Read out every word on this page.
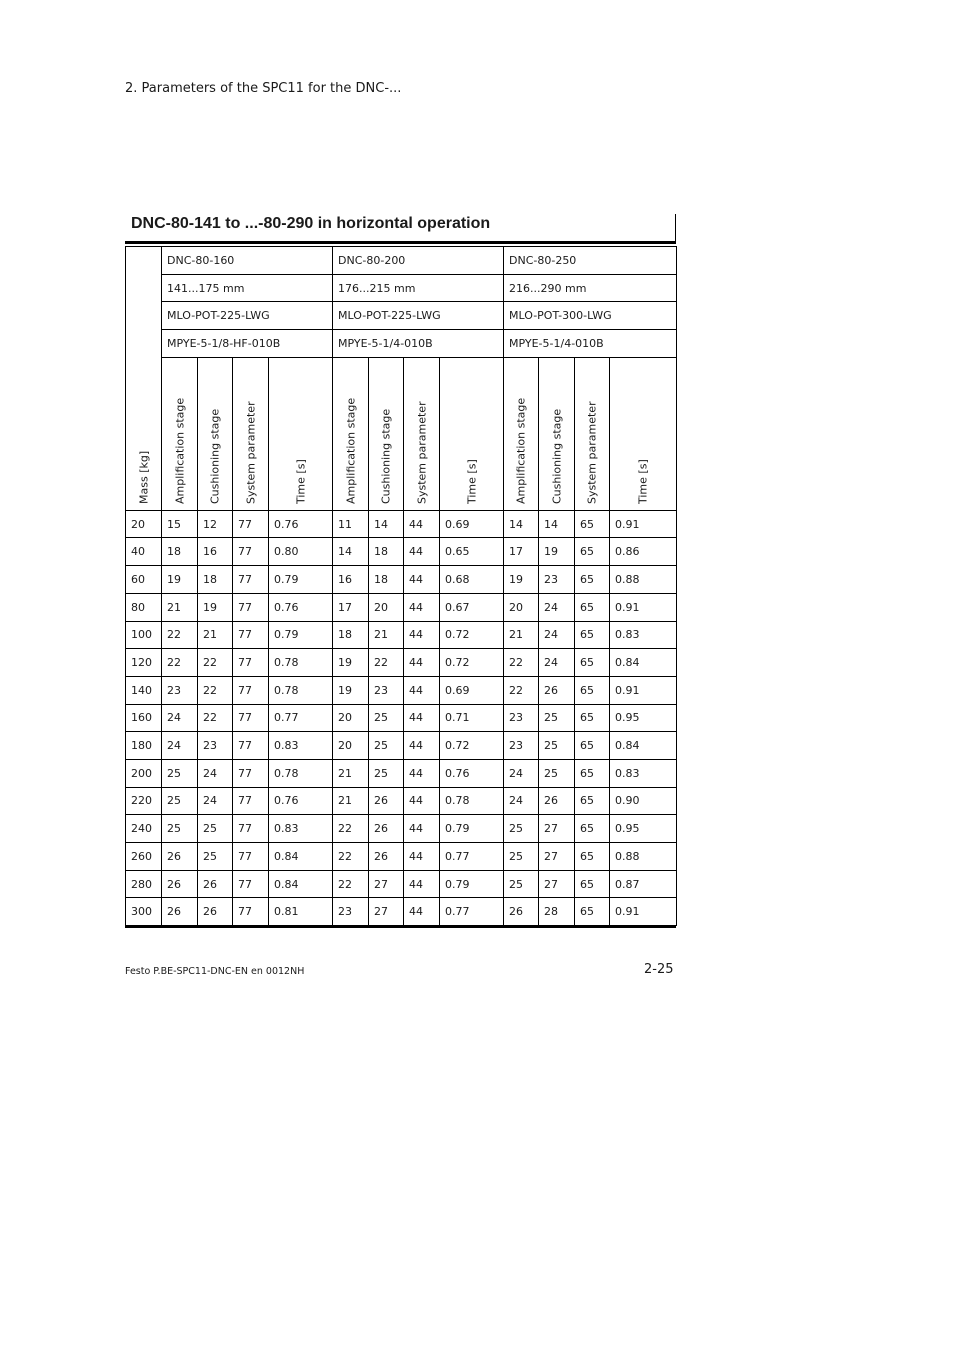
2. Parameters of the SPC11 for the DNC-...
DNC-80-141 to ...-80-290 in horizontal operation
Mass [kg]	DNC-80-160				DNC-80-200				DNC-80-250			
	141...175 mm				176...215 mm				216...290 mm			
	MLO-POT-225-LWG				MLO-POT-225-LWG				MLO-POT-300-LWG			
	MPYE-5-1/8-HF-010B				MPYE-5-1/4-010B				MPYE-5-1/4-010B			

	Amplification stage	Cushioning stage	System parameter	Time [s]	Amplification stage	Cushioning stage	System parameter	Time [s]	Amplification stage	Cushioning stage	System parameter	Time [s]

20	15	12	77	0.76	11	14	44	0.69	14	14	65	0.91
40	18	16	77	0.80	14	18	44	0.65	17	19	65	0.86
60	19	18	77	0.79	16	18	44	0.68	19	23	65	0.88
80	21	19	77	0.76	17	20	44	0.67	20	24	65	0.91
100	22	21	77	0.79	18	21	44	0.72	21	24	65	0.83
120	22	22	77	0.78	19	22	44	0.72	22	24	65	0.84
140	23	22	77	0.78	19	23	44	0.69	22	26	65	0.91
160	24	22	77	0.77	20	25	44	0.71	23	25	65	0.95
180	24	23	77	0.83	20	25	44	0.72	23	25	65	0.84
200	25	24	77	0.78	21	25	44	0.76	24	25	65	0.83
220	25	24	77	0.76	21	26	44	0.78	24	26	65	0.90
240	25	25	77	0.83	22	26	44	0.79	25	27	65	0.95
260	26	25	77	0.84	22	26	44	0.77	25	27	65	0.88
280	26	26	77	0.84	22	27	44	0.79	25	27	65	0.87
300	26	26	77	0.81	23	27	44	0.77	26	28	65	0.91
Festo P.BE-SPC11-DNC-EN en 0012NH	2-25
